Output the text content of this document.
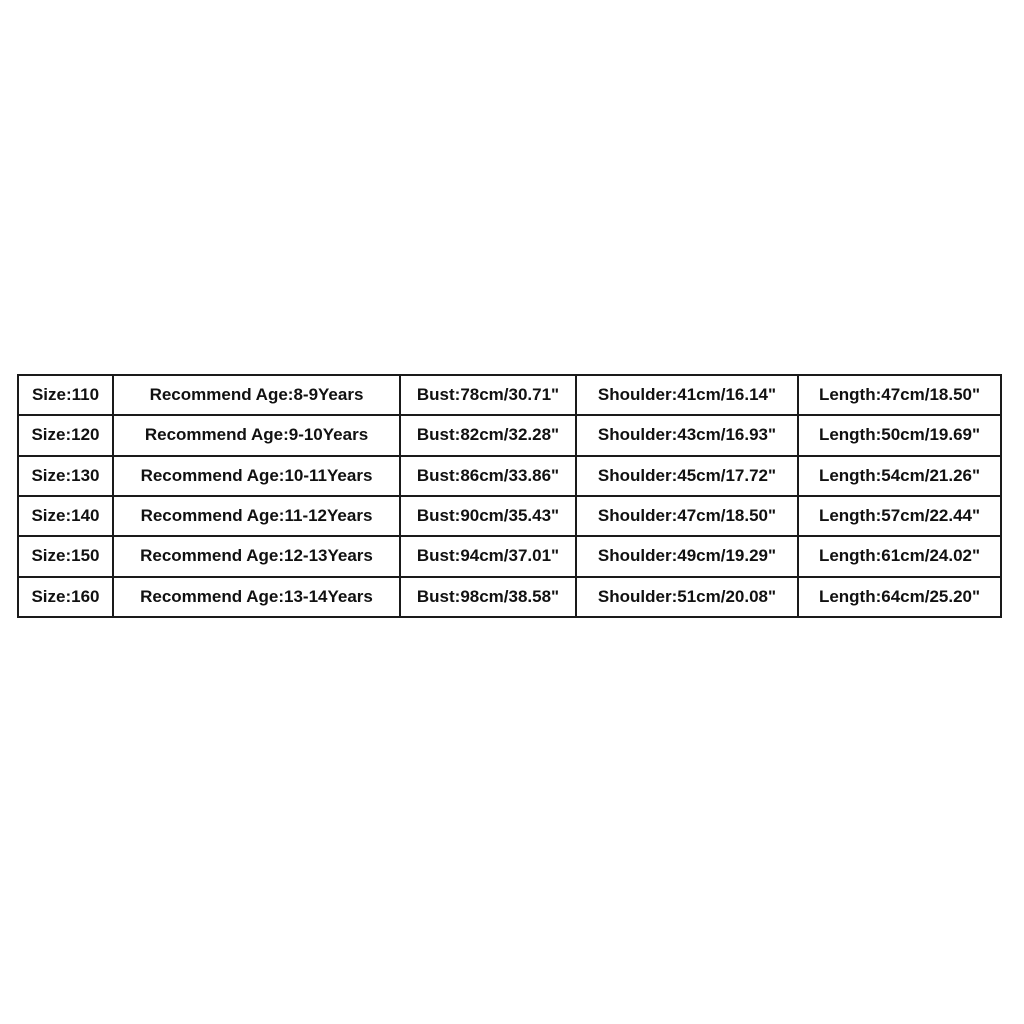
Size:110	Recommend Age:8-9Years	Bust:78cm/30.71"	Shoulder:41cm/16.14"	Length:47cm/18.50"
Size:120	Recommend Age:9-10Years	Bust:82cm/32.28"	Shoulder:43cm/16.93"	Length:50cm/19.69"
Size:130	Recommend Age:10-11Years	Bust:86cm/33.86"	Shoulder:45cm/17.72"	Length:54cm/21.26"
Size:140	Recommend Age:11-12Years	Bust:90cm/35.43"	Shoulder:47cm/18.50"	Length:57cm/22.44"
Size:150	Recommend Age:12-13Years	Bust:94cm/37.01"	Shoulder:49cm/19.29"	Length:61cm/24.02"
Size:160	Recommend Age:13-14Years	Bust:98cm/38.58"	Shoulder:51cm/20.08"	Length:64cm/25.20"
